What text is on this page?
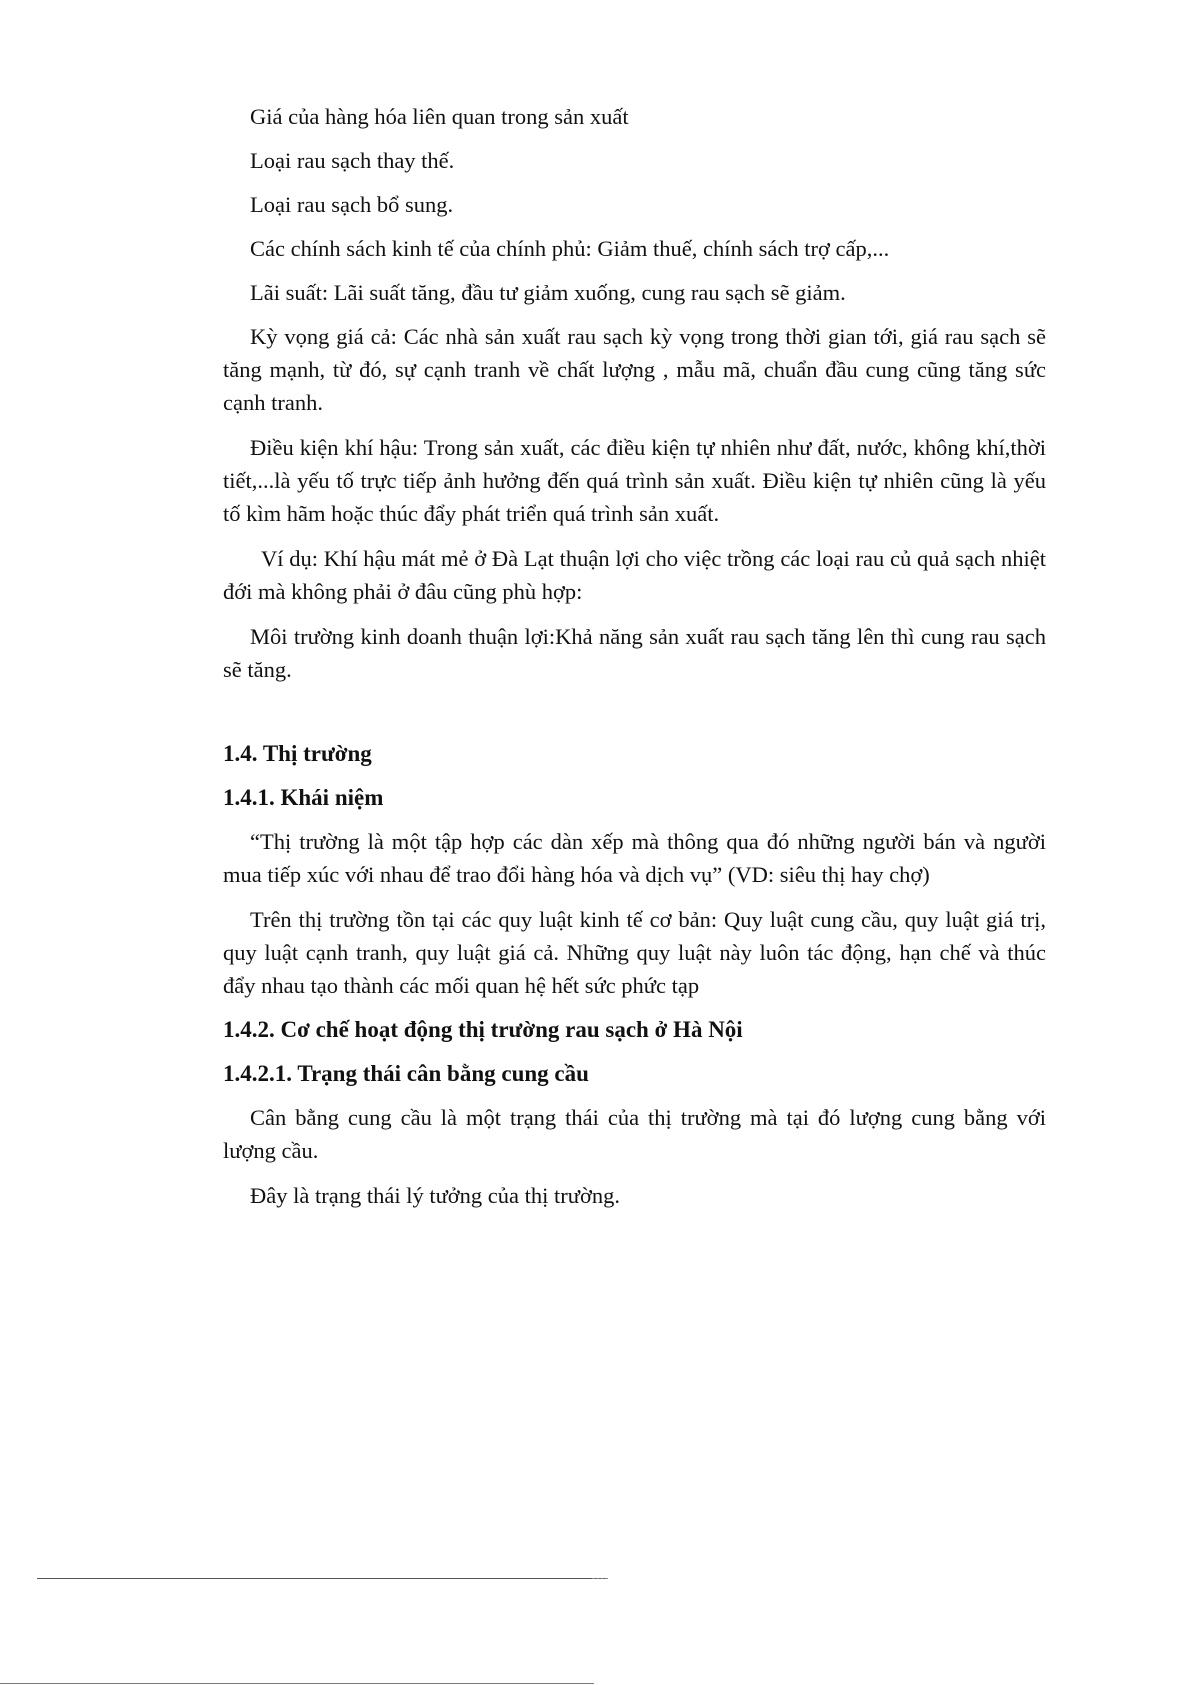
Giá của hàng hóa liên quan trong sản xuất

Loại rau sạch thay thế.

Loại rau sạch bổ sung.

Các chính sách kinh tế của chính phủ: Giảm thuế, chính sách trợ cấp,...

Lãi suất: Lãi suất tăng, đầu tư giảm xuống, cung rau sạch sẽ giảm.

Kỳ vọng giá cả: Các nhà sản xuất rau sạch kỳ vọng trong thời gian tới, giá rau sạch sẽ tăng mạnh, từ đó, sự cạnh tranh về chất lượng , mẫu mã, chuẩn đầu cung cũng tăng sức cạnh tranh.

Điều kiện khí hậu: Trong sản xuất, các điều kiện tự nhiên như đất, nước, không khí,thời tiết,...là yếu tố trực tiếp ảnh hưởng đến quá trình sản xuất. Điều kiện tự nhiên cũng là yếu tố kìm hãm hoặc thúc đẩy phát triển quá trình sản xuất.

Ví dụ: Khí hậu mát mẻ ở Đà Lạt thuận lợi cho việc trồng các loại rau củ quả sạch nhiệt đới mà không phải ở đâu cũng phù hợp:

Môi trường kinh doanh thuận lợi:Khả năng sản xuất rau sạch tăng lên thì cung rau sạch sẽ tăng.

1.4. Thị trường
1.4.1. Khái niệm

“Thị trường là một tập hợp các dàn xếp mà thông qua đó những người bán và người mua tiếp xúc với nhau để trao đổi hàng hóa và dịch vụ” (VD: siêu thị hay chợ)

Trên thị trường tồn tại các quy luật kinh tế cơ bản: Quy luật cung cầu, quy luật giá trị, quy luật cạnh tranh, quy luật giá cả. Những quy luật này luôn tác động, hạn chế và thúc đẩy nhau tạo thành các mối quan hệ hết sức phức tạp

1.4.2. Cơ chế hoạt động thị trường rau sạch ở Hà Nội
1.4.2.1. Trạng thái cân bằng cung cầu

Cân bằng cung cầu là một trạng thái của thị trường mà tại đó lượng cung bằng với lượng cầu.

Đây là trạng thái lý tưởng của thị trường.
